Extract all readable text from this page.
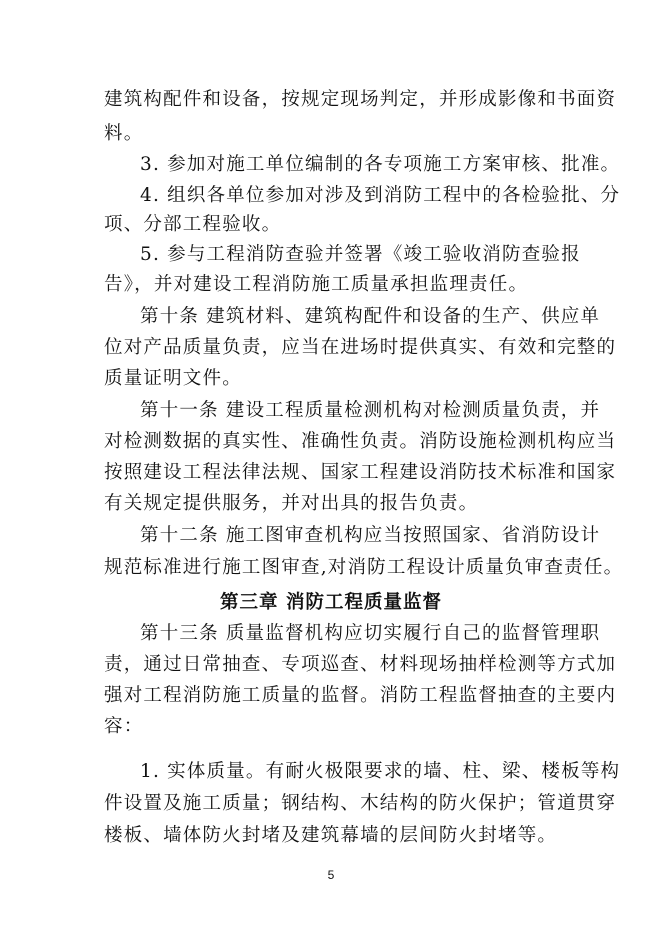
建筑构配件和设备，按规定现场判定，并形成影像和书面资
料。
3. 参加对施工单位编制的各专项施工方案审核、批准。
4. 组织各单位参加对涉及到消防工程中的各检验批、分
项、分部工程验收。
5. 参与工程消防查验并签署《竣工验收消防查验报
告》，并对建设工程消防施工质量承担监理责任。
第十条 建筑材料、建筑构配件和设备的生产、供应单
位对产品质量负责，应当在进场时提供真实、有效和完整的
质量证明文件。
第十一条 建设工程质量检测机构对检测质量负责，并
对检测数据的真实性、准确性负责。消防设施检测机构应当
按照建设工程法律法规、国家工程建设消防技术标准和国家
有关规定提供服务，并对出具的报告负责。
第十二条 施工图审查机构应当按照国家、省消防设计
规范标准进行施工图审查,对消防工程设计质量负审查责任。
第三章 消防工程质量监督
第十三条 质量监督机构应切实履行自己的监督管理职
责，通过日常抽查、专项巡查、材料现场抽样检测等方式加
强对工程消防施工质量的监督。消防工程监督抽查的主要内
容：
1. 实体质量。有耐火极限要求的墙、柱、梁、楼板等构
件设置及施工质量；钢结构、木结构的防火保护；管道贯穿
楼板、墙体防火封堵及建筑幕墙的层间防火封堵等。
5
